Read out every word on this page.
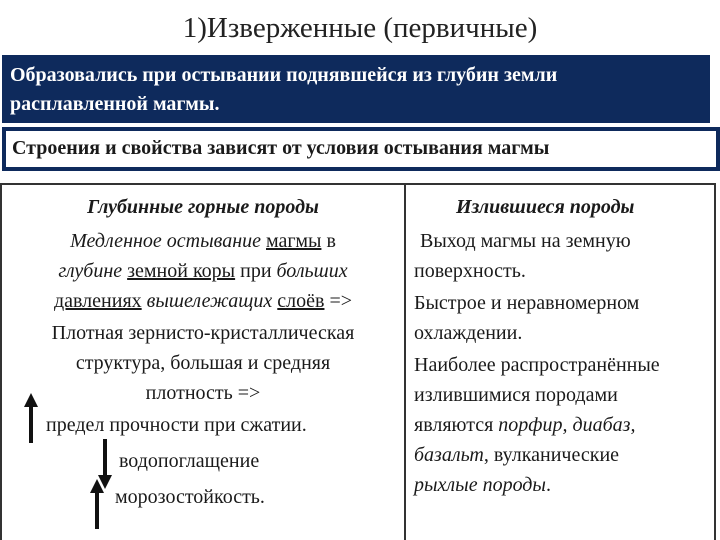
1)Изверженные (первичные)
Образовались при остывании поднявшейся из глубин земли
расплавленной магмы.
Строения и свойства зависят от условия остывания магмы
Глубинные горные породы
Медленное остывание магмы в
глубине земной коры при больших
давлениях вышележащих слоёв =>
Плотная зернисто-кристаллическая
структура, большая и средняя
плотность =>
предел прочности при сжатии.
водопоглащение
морозостойкость.
Излившиеся породы
Выход магмы на земную
поверхность.
Быстрое и неравномерном
охлаждении.
Наиболее распространённые
излившимися породами
являются порфир, диабаз,
базальт, вулканические
рыхлые породы.
